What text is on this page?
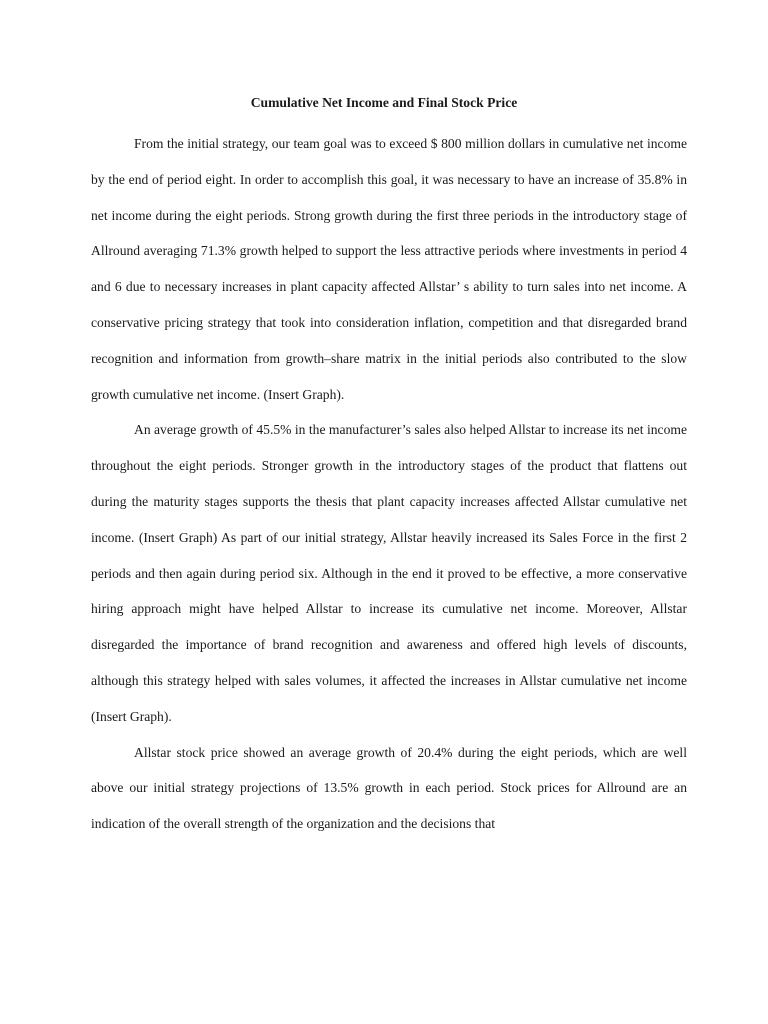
Cumulative Net Income and Final Stock Price

From the initial strategy, our team goal was to exceed $ 800 million dollars in cumulative net income by the end of period eight. In order to accomplish this goal, it was necessary to have an increase of 35.8% in net income during the eight periods. Strong growth during the first three periods in the introductory stage of Allround averaging 71.3% growth helped to support the less attractive periods where investments in period 4 and 6 due to necessary increases in plant capacity affected Allstar’ s ability to turn sales into net income. A conservative pricing strategy that took into consideration inflation, competition and that disregarded brand recognition and information from growth–share matrix in the initial periods also contributed to the slow growth cumulative net income. (Insert Graph).

An average growth of 45.5% in the manufacturer’s sales also helped Allstar to increase its net income throughout the eight periods. Stronger growth in the introductory stages of the product that flattens out during the maturity stages supports the thesis that plant capacity increases affected Allstar cumulative net income. (Insert Graph) As part of our initial strategy, Allstar heavily increased its Sales Force in the first 2 periods and then again during period six. Although in the end it proved to be effective, a more conservative hiring approach might have helped Allstar to increase its cumulative net income. Moreover, Allstar disregarded the importance of brand recognition and awareness and offered high levels of discounts, although this strategy helped with sales volumes, it affected the increases in Allstar cumulative net income (Insert Graph).

Allstar stock price showed an average growth of 20.4% during the eight periods, which are well above our initial strategy projections of 13.5% growth in each period. Stock prices for Allround are an indication of the overall strength of the organization and the decisions that
